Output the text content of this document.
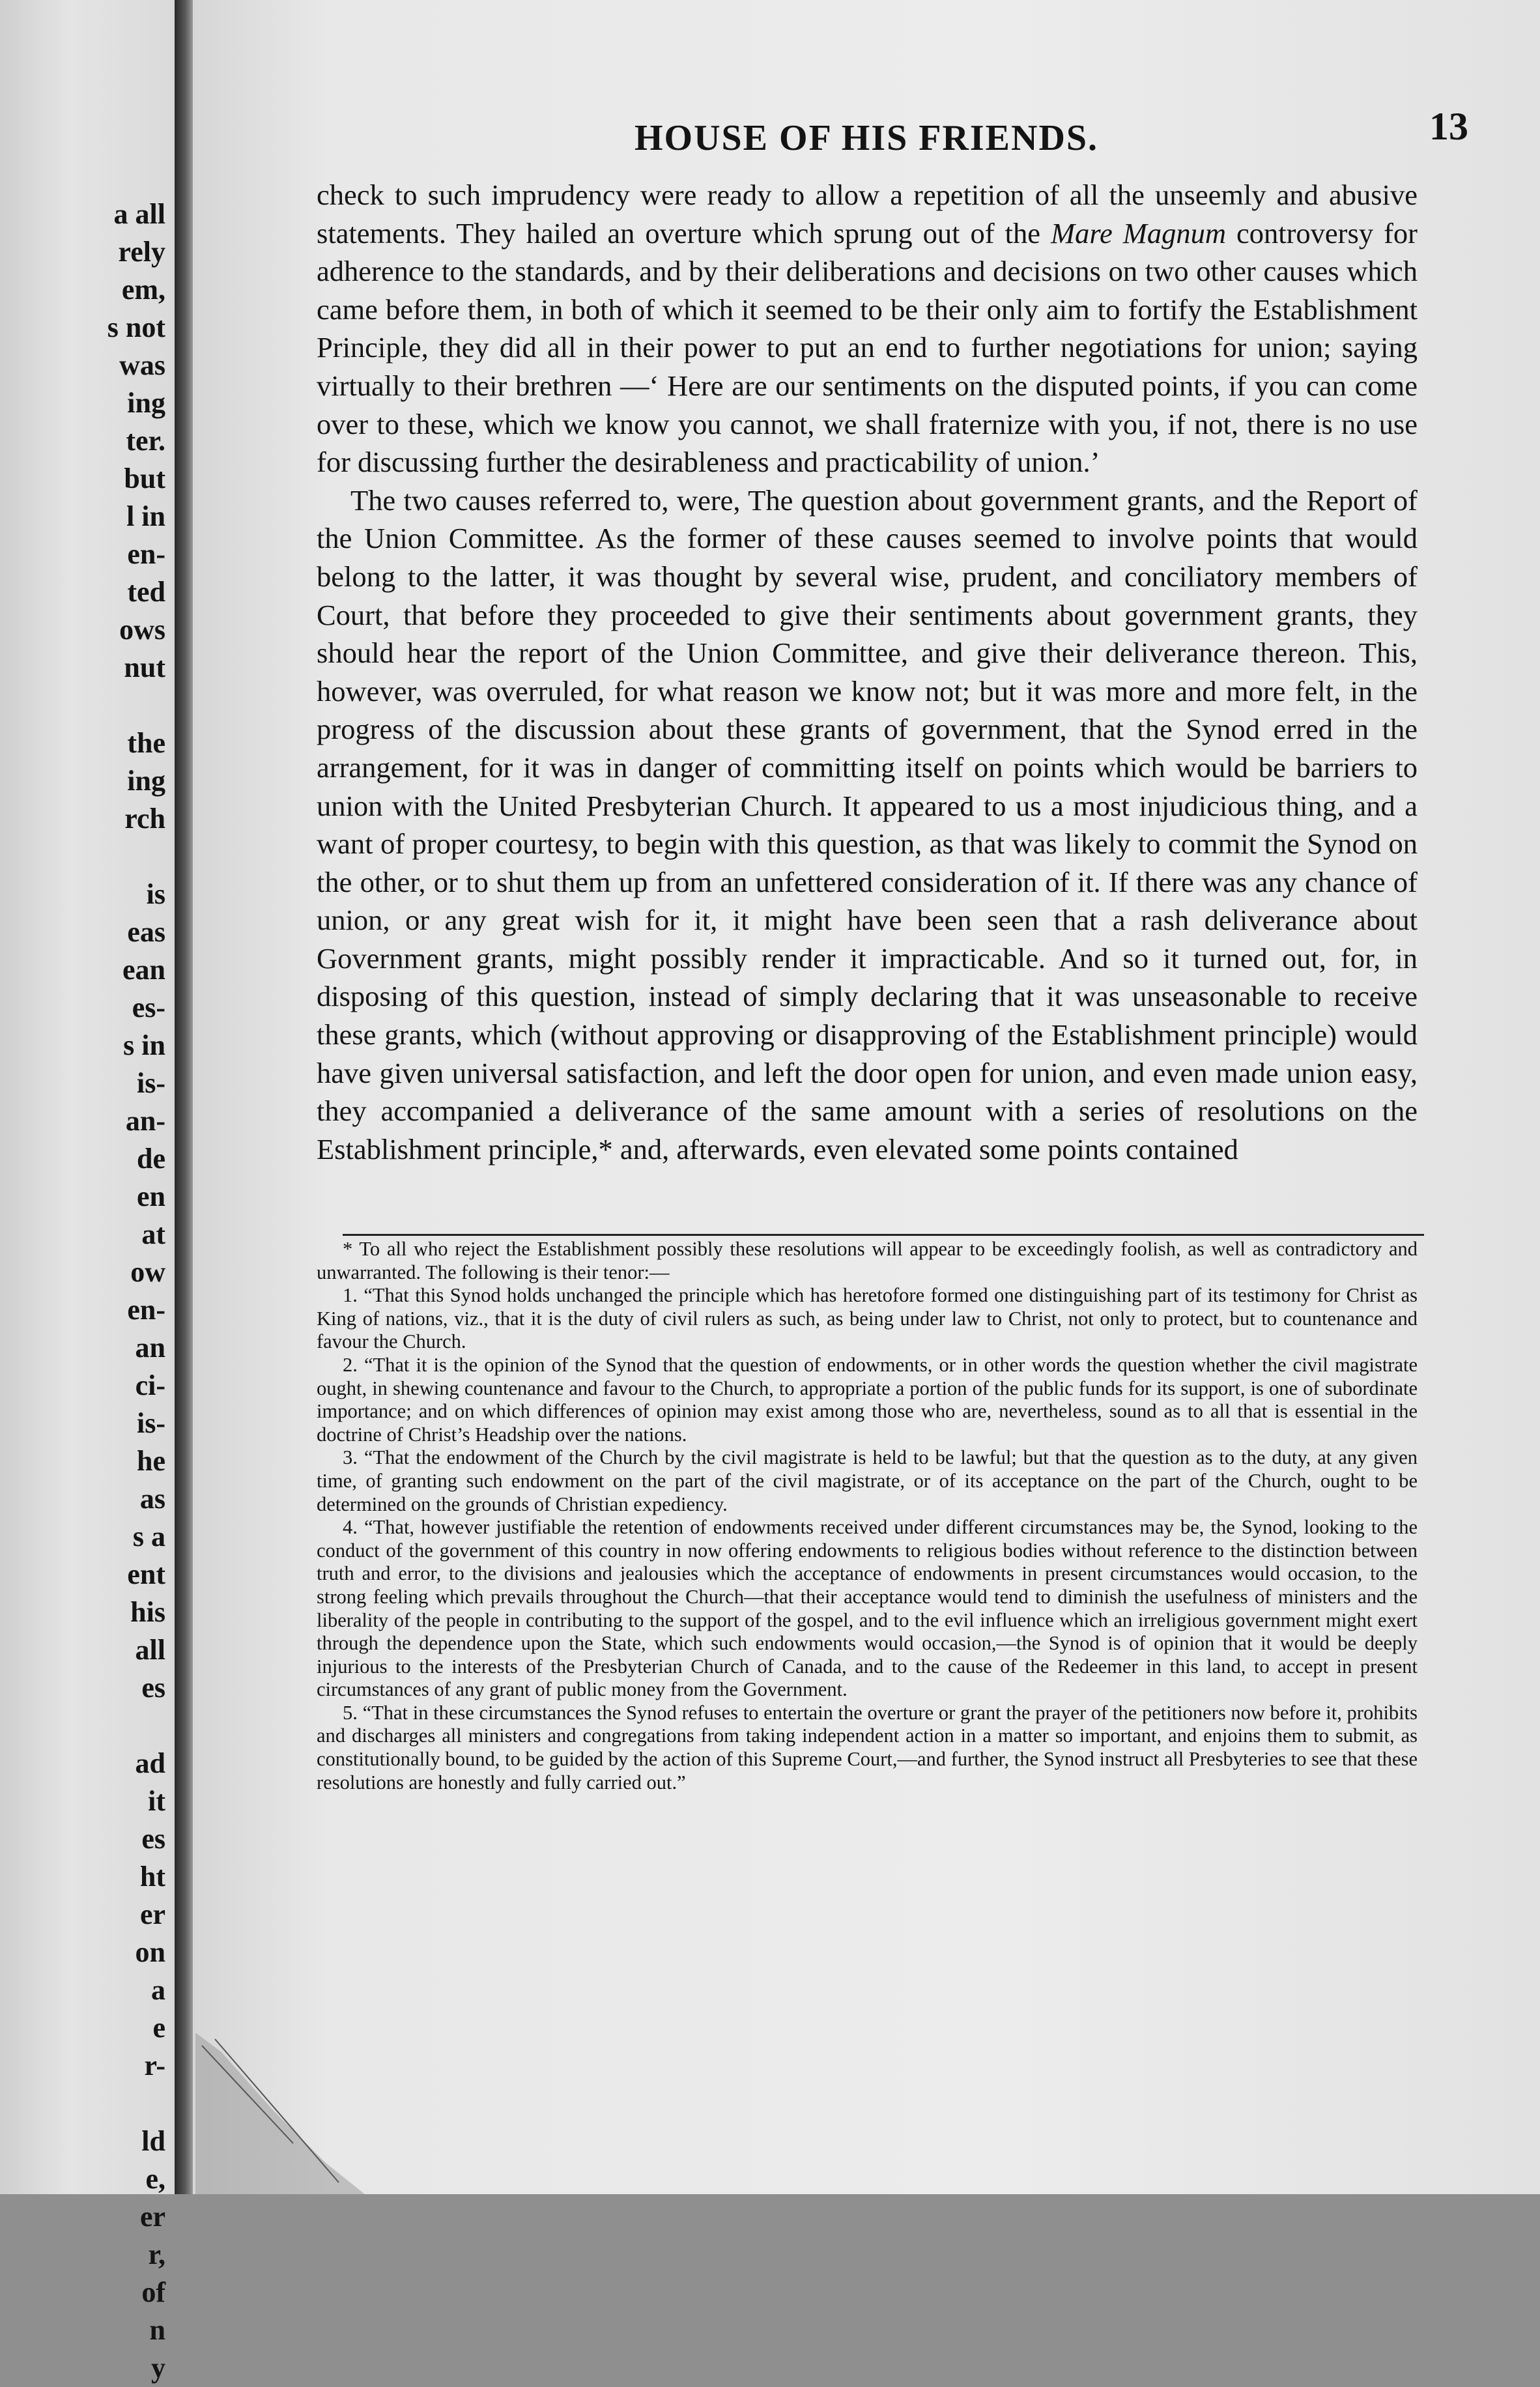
a all
rely
em,
s not
was
ing
ter.
but
l in
en-
ted
ows
nut
the
ing
rch
is
eas
ean
es-
s in
is-
an-
de
en
at
ow
en-
an
ci-
is-
he
as
s a
ent
his
all
es
ad
it
es
ht
er
on
a
e
r-
ld
e,
er
r,
of
n
y
HOUSE OF HIS FRIENDS.	13

check to such imprudency were ready to allow a repetition of all the unseemly and abusive statements. They hailed an overture which sprung out of the Mare Magnum controversy for adherence to the standards, and by their deliberations and decisions on two other causes which came before them, in both of which it seemed to be their only aim to fortify the Establishment Principle, they did all in their power to put an end to further negotiations for union; saying virtually to their brethren —‘ Here are our sentiments on the disputed points, if you can come over to these, which we know you cannot, we shall fraternize with you, if not, there is no use for discussing further the desirableness and practicability of union.’

The two causes referred to, were, The question about government grants, and the Report of the Union Committee. As the former of these causes seemed to involve points that would belong to the latter, it was thought by several wise, prudent, and conciliatory members of Court, that before they proceeded to give their sentiments about government grants, they should hear the report of the Union Committee, and give their deliverance thereon. This, however, was overruled, for what reason we know not; but it was more and more felt, in the progress of the discussion about these grants of government, that the Synod erred in the arrangement, for it was in danger of committing itself on points which would be barriers to union with the United Presbyterian Church. It appeared to us a most injudicious thing, and a want of proper courtesy, to begin with this question, as that was likely to commit the Synod on the other, or to shut them up from an unfettered consideration of it. If there was any chance of union, or any great wish for it, it might have been seen that a rash deliverance about Government grants, might possibly render it impracticable. And so it turned out, for, in disposing of this question, instead of simply declaring that it was unseasonable to receive these grants, which (without approving or disapproving of the Establishment principle) would have given universal satisfaction, and left the door open for union, and even made union easy, they accompanied a deliverance of the same amount with a series of resolutions on the Establishment principle,* and, afterwards, even elevated some points contained

* To all who reject the Establishment possibly these resolutions will appear to be exceedingly foolish, as well as contradictory and unwarranted. The following is their tenor:—

1. “That this Synod holds unchanged the principle which has heretofore formed one distinguishing part of its testimony for Christ as King of nations, viz., that it is the duty of civil rulers as such, as being under law to Christ, not only to protect, but to countenance and favour the Church.

2. “That it is the opinion of the Synod that the question of endowments, or in other words the question whether the civil magistrate ought, in shewing countenance and favour to the Church, to appropriate a portion of the public funds for its support, is one of subordinate importance; and on which differences of opinion may exist among those who are, nevertheless, sound as to all that is essential in the doctrine of Christ’s Headship over the nations.

3. “That the endowment of the Church by the civil magistrate is held to be lawful; but that the question as to the duty, at any given time, of granting such endowment on the part of the civil magistrate, or of its acceptance on the part of the Church, ought to be determined on the grounds of Christian expediency.

4. “That, however justifiable the retention of endowments received under different circumstances may be, the Synod, looking to the conduct of the government of this country in now offering endowments to religious bodies without reference to the distinction between truth and error, to the divisions and jealousies which the acceptance of endowments in present circumstances would occasion, to the strong feeling which prevails throughout the Church—that their acceptance would tend to diminish the usefulness of ministers and the liberality of the people in contributing to the support of the gospel, and to the evil influence which an irreligious government might exert through the dependence upon the State, which such endowments would occasion,—the Synod is of opinion that it would be deeply injurious to the interests of the Presbyterian Church of Canada, and to the cause of the Redeemer in this land, to accept in present circumstances of any grant of public money from the Government.

5. “That in these circumstances the Synod refuses to entertain the overture or grant the prayer of the petitioners now before it, prohibits and discharges all ministers and congregations from taking independent action in a matter so important, and enjoins them to submit, as constitutionally bound, to be guided by the action of this Supreme Court,—and further, the Synod instruct all Presbyteries to see that these resolutions are honestly and fully carried out.”
